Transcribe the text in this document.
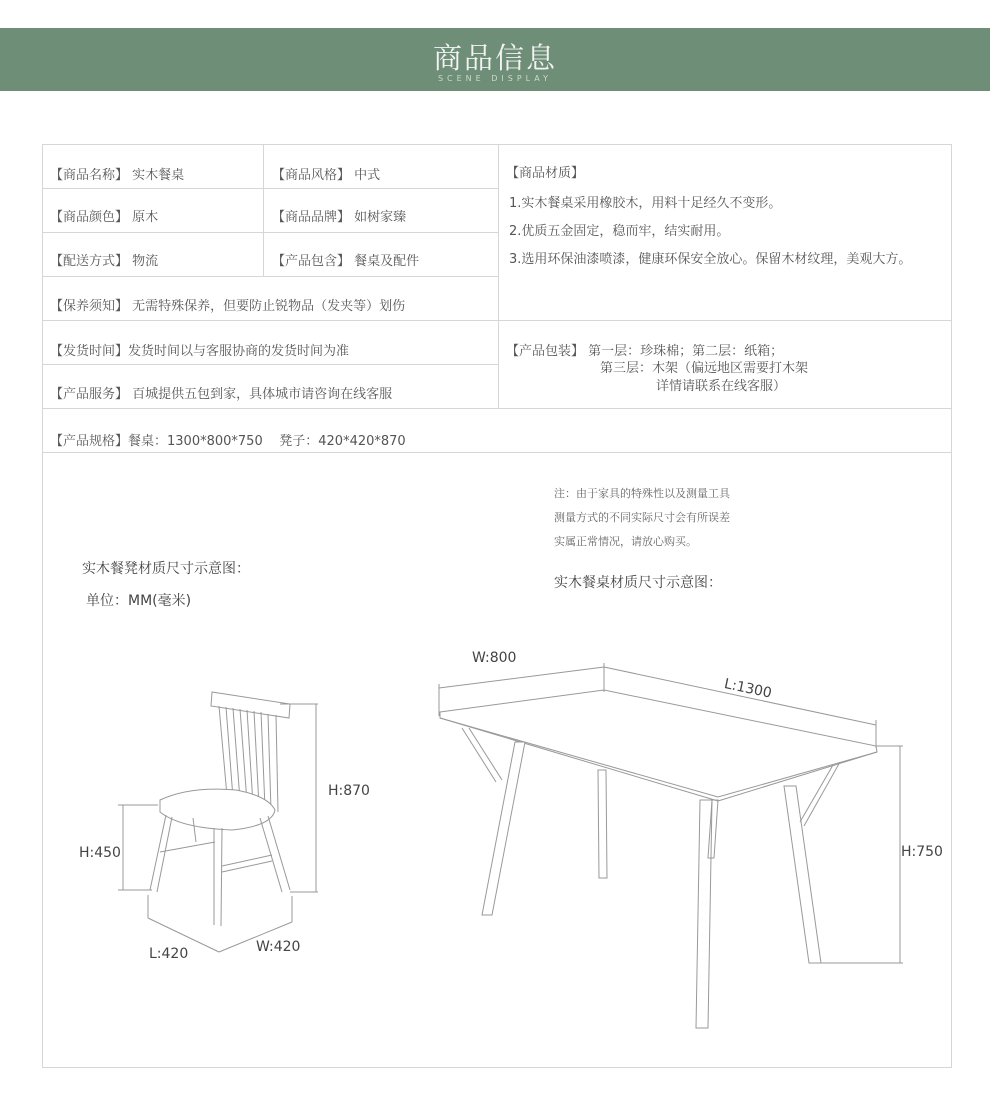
商品信息
SCENE DISPLAY
【商品名称】 实木餐桌	【商品风格】 中式
【商品颜色】 原木	【商品品牌】 如树家臻
【配送方式】 物流	【产品包含】 餐桌及配件
【保养须知】 无需特殊保养，但要防止锐物品（发夹等）划伤
【发货时间】发货时间以与客服协商的发货时间为准
【产品服务】 百城提供五包到家，具体城市请咨询在线客服
【产品规格】餐桌：1300*800*750    凳子：420*420*870
【商品材质】
1.实木餐桌采用橡胶木，用料十足经久不变形。
2.优质五金固定，稳而牢，结实耐用。
3.选用环保油漆喷漆，健康环保安全放心。保留木材纹理，美观大方。
【产品包装】 第一层：珍珠棉；第二层：纸箱；
第三层：木架（偏远地区需要打木架
详情请联系在线客服）
注：由于家具的特殊性以及测量工具
测量方式的不同实际尺寸会有所误差
实属正常情况，请放心购买。
实木餐凳材质尺寸示意图：
单位：MM(毫米)
实木餐桌材质尺寸示意图：
H:870
H:450
L:420	W:420
W:800
L:1300
H:750
